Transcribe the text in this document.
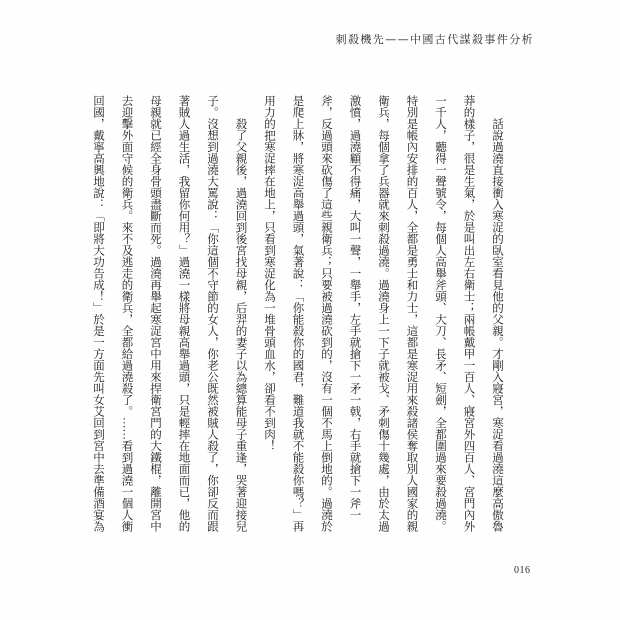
刺殺機先——中國古代謀殺事件分析
話說過澆直接衝入寒浞的臥室看見他的父親。才剛入寢宮，寒浞看過澆這麼高傲魯
莽的樣子，很是生氣，於是叫出左右衛士；兩帳戴甲一百人、寢宮外四百人、宮門內外
一千人，聽得一聲號令，每個人高舉斧頭、大刀、長矛、短劍，全都圍過來要殺過澆。
特別是帳內安排的百人，全都是勇士和力士，這都是寒浞用來殺諸侯奪取別人國家的親
衛兵，每個拿了兵器就來刺殺過澆。過澆身上一下子就被戈、矛刺傷十幾處，由於太過
激憤，過澆顧不得痛，大叫一聲，一舉手，左手就搶下一矛一戟，右手就搶下一斧一
斧，反過頭來砍傷了這些親衛兵；只要被過澆砍到的，沒有一個不馬上倒地的。過澆於
是爬上牀，將寒浞高舉過頭，氣著說：「你能殺你的國君，難道我就不能殺你嗎？」再
用力的把寒浞摔在地上，只看到寒浞化為一堆骨頭血水，卻看不到肉！
殺了父親後，過澆回到後宮找母親，后羿的妻子以為總算能母子重逢，哭著迎接兒
子。沒想到過澆大罵說：「你這個不守節的女人，你老公既然被賊人殺了，你卻反而跟
著賊人過生活，我留你何用？」過澆一樣將母親高舉過頭，只是輕摔在地面而已，他的
母親就已經全身骨頭盡斷而死。過澆再舉起寒浞宮中用來捍衛宮門的大鐵棍，離開宮中
去迎擊外面守候的衛兵。來不及逃走的衛兵，全都給過澆殺了。……看到過澆一個人衝
回國，戴寧高興地說：「即將大功告成！」於是一方面先叫女艾回到宮中去準備酒宴為
016
